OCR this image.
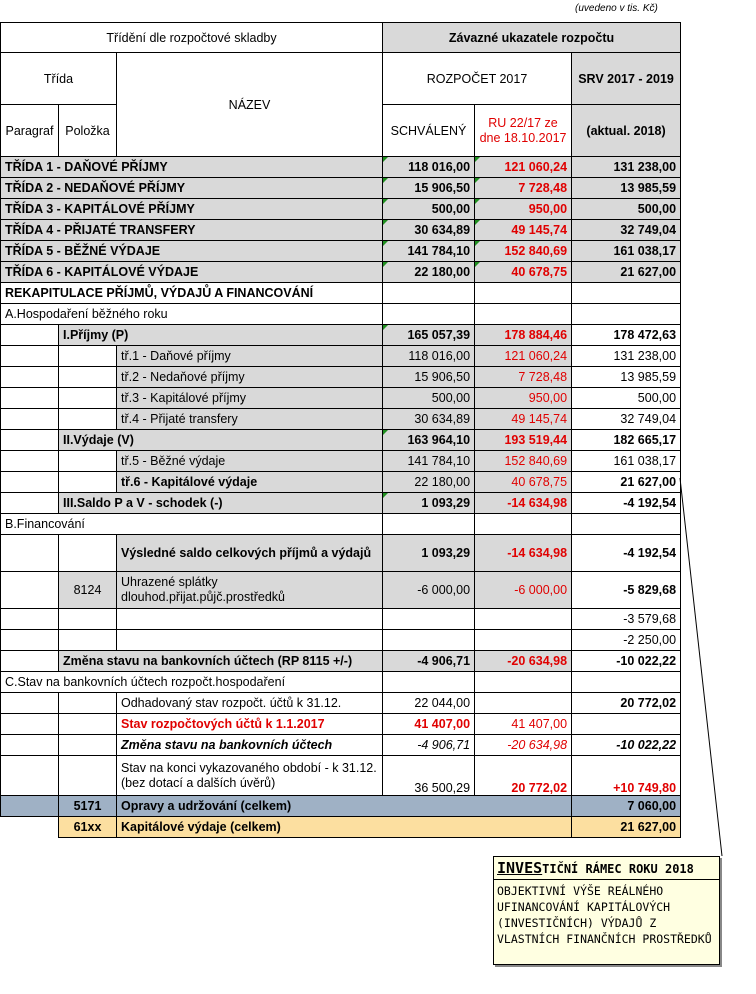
(uvedeno v tis. Kč)
Třídění dle rozpočtové skladby			Závazné ukazatele rozpočtu		
Třída		NÁZEV	ROZPOČET 2017		SRV 2017 - 2019
Paragraf	Položka		SCHVÁLENÝ	RU 22/17 ze dne 18.10.2017	(aktual. 2018)
TŘÍDA 1 - DAŇOVÉ PŘÍJMY			118 016,00	121 060,24	131 238,00
TŘÍDA 2 - NEDAŇOVÉ PŘÍJMY			15 906,50	7 728,48	13 985,59
TŘÍDA 3 - KAPITÁLOVÉ PŘÍJMY			500,00	950,00	500,00
TŘÍDA 4 - PŘIJATÉ TRANSFERY			30 634,89	49 145,74	32 749,04
TŘÍDA 5 - BĚŽNÉ VÝDAJE			141 784,10	152 840,69	161 038,17
TŘÍDA 6 - KAPITÁLOVÉ VÝDAJE			22 180,00	40 678,75	21 627,00
REKAPITULACE PŘÍJMŮ, VÝDAJŮ A FINANCOVÁNÍ					
A.Hospodaření běžného roku					
	I.Příjmy (P)		165 057,39	178 884,46	178 472,63
		tř.1 - Daňové příjmy	118 016,00	121 060,24	131 238,00
		tř.2 - Nedaňové příjmy	15 906,50	7 728,48	13 985,59
		tř.3 - Kapitálové příjmy	500,00	950,00	500,00
		tř.4 - Přijaté transfery	30 634,89	49 145,74	32 749,04
	II.Výdaje (V)		163 964,10	193 519,44	182 665,17
		tř.5 - Běžné výdaje	141 784,10	152 840,69	161 038,17
		tř.6 - Kapitálové výdaje	22 180,00	40 678,75	21 627,00
	III.Saldo P a V - schodek (-)		1 093,29	-14 634,98	-4 192,54
B.Financování					
		Výsledné saldo celkových příjmů a výdajů	1 093,29	-14 634,98	-4 192,54
	8124	Uhrazené splátky dlouhod.přijat.půjč.prostředků	-6 000,00	-6 000,00	-5 829,68
					-3 579,68
					-2 250,00
	Změna stavu na bankovních účtech (RP 8115 +/-)		-4 906,71	-20 634,98	-10 022,22
C.Stav na bankovních účtech rozpočt.hospodaření					
		Odhadovaný stav rozpočt. účtů k 31.12.	22 044,00		20 772,02
		Stav rozpočtových účtů k 1.1.2017	41 407,00	41 407,00	
		Změna stavu na bankovních účtech	-4 906,71	-20 634,98	-10 022,22
		Stav na konci vykazovaného období - k 31.12. (bez dotací a dalších úvěrů)	36 500,29	20 772,02	+10 749,80
	5171	Opravy a udržování (celkem)			7 060,00
	61xx	Kapitálové výdaje (celkem)			21 627,00
INVESTIČNÍ RÁMEC ROKU 2018
OBJEKTIVNÍ VÝŠE REÁLNÉHO UFINANCOVÁNÍ KAPITÁLOVÝCH (INVESTIČNÍCH) VÝDAJŮ Z VLASTNÍCH FINANČNÍCH PROSTŘEDKŮ
